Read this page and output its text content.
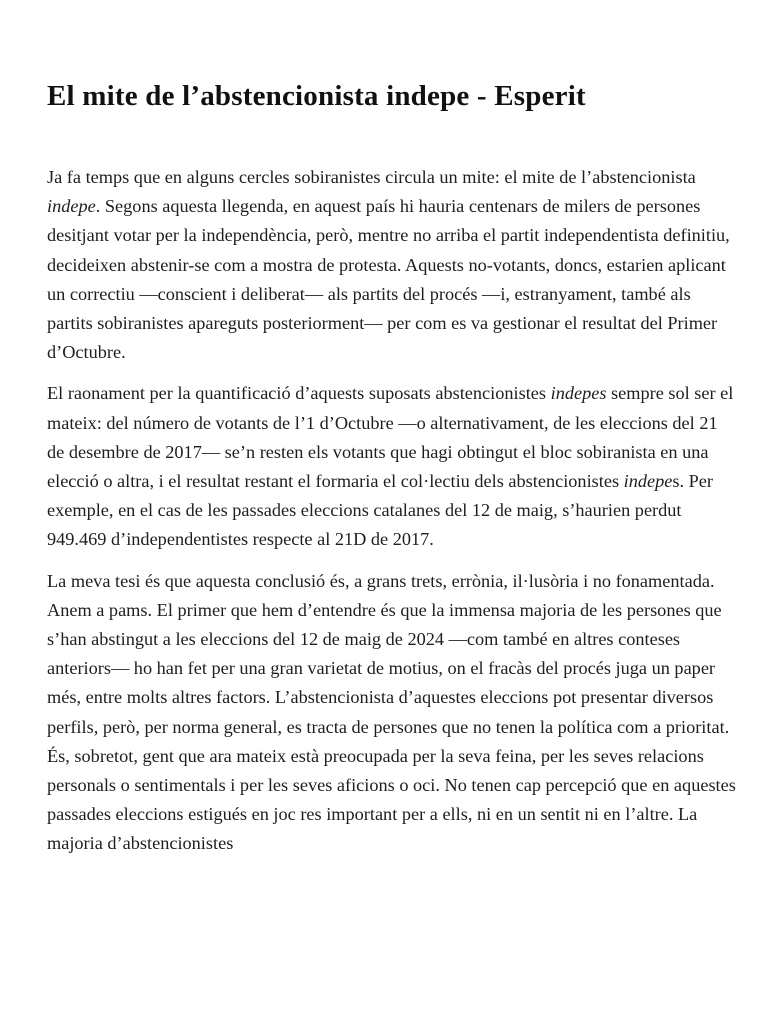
El mite de l’abstencionista indepe - Esperit

Ja fa temps que en alguns cercles sobiranistes circula un mite: el mite de l’abstencionista indepe. Segons aquesta llegenda, en aquest país hi hauria centenars de milers de persones desitjant votar per la independència, però, mentre no arriba el partit independentista definitiu, decideixen abstenir-se com a mostra de protesta. Aquests no-votants, doncs, estarien aplicant un correctiu —conscient i deliberat— als partits del procés —i, estranyament, també als partits sobiranistes apareguts posteriorment— per com es va gestionar el resultat del Primer d’Octubre.

El raonament per la quantificació d’aquests suposats abstencionistes indepes sempre sol ser el mateix: del número de votants de l’1 d’Octubre —o alternativament, de les eleccions del 21 de desembre de 2017— se’n resten els votants que hagi obtingut el bloc sobiranista en una elecció o altra, i el resultat restant el formaria el col·lectiu dels abstencionistes indepes. Per exemple, en el cas de les passades eleccions catalanes del 12 de maig, s’haurien perdut 949.469 d’independentistes respecte al 21D de 2017.

La meva tesi és que aquesta conclusió és, a grans trets, errònia, il·lusòria i no fonamentada. Anem a pams. El primer que hem d’entendre és que la immensa majoria de les persones que s’han abstingut a les eleccions del 12 de maig de 2024 —com també en altres conteses anteriors— ho han fet per una gran varietat de motius, on el fracàs del procés juga un paper més, entre molts altres factors. L’abstencionista d’aquestes eleccions pot presentar diversos perfils, però, per norma general, es tracta de persones que no tenen la política com a prioritat. És, sobretot, gent que ara mateix està preocupada per la seva feina, per les seves relacions personals o sentimentals i per les seves aficions o oci. No tenen cap percepció que en aquestes passades eleccions estigués en joc res important per a ells, ni en un sentit ni en l’altre. La majoria d’abstencionistes
